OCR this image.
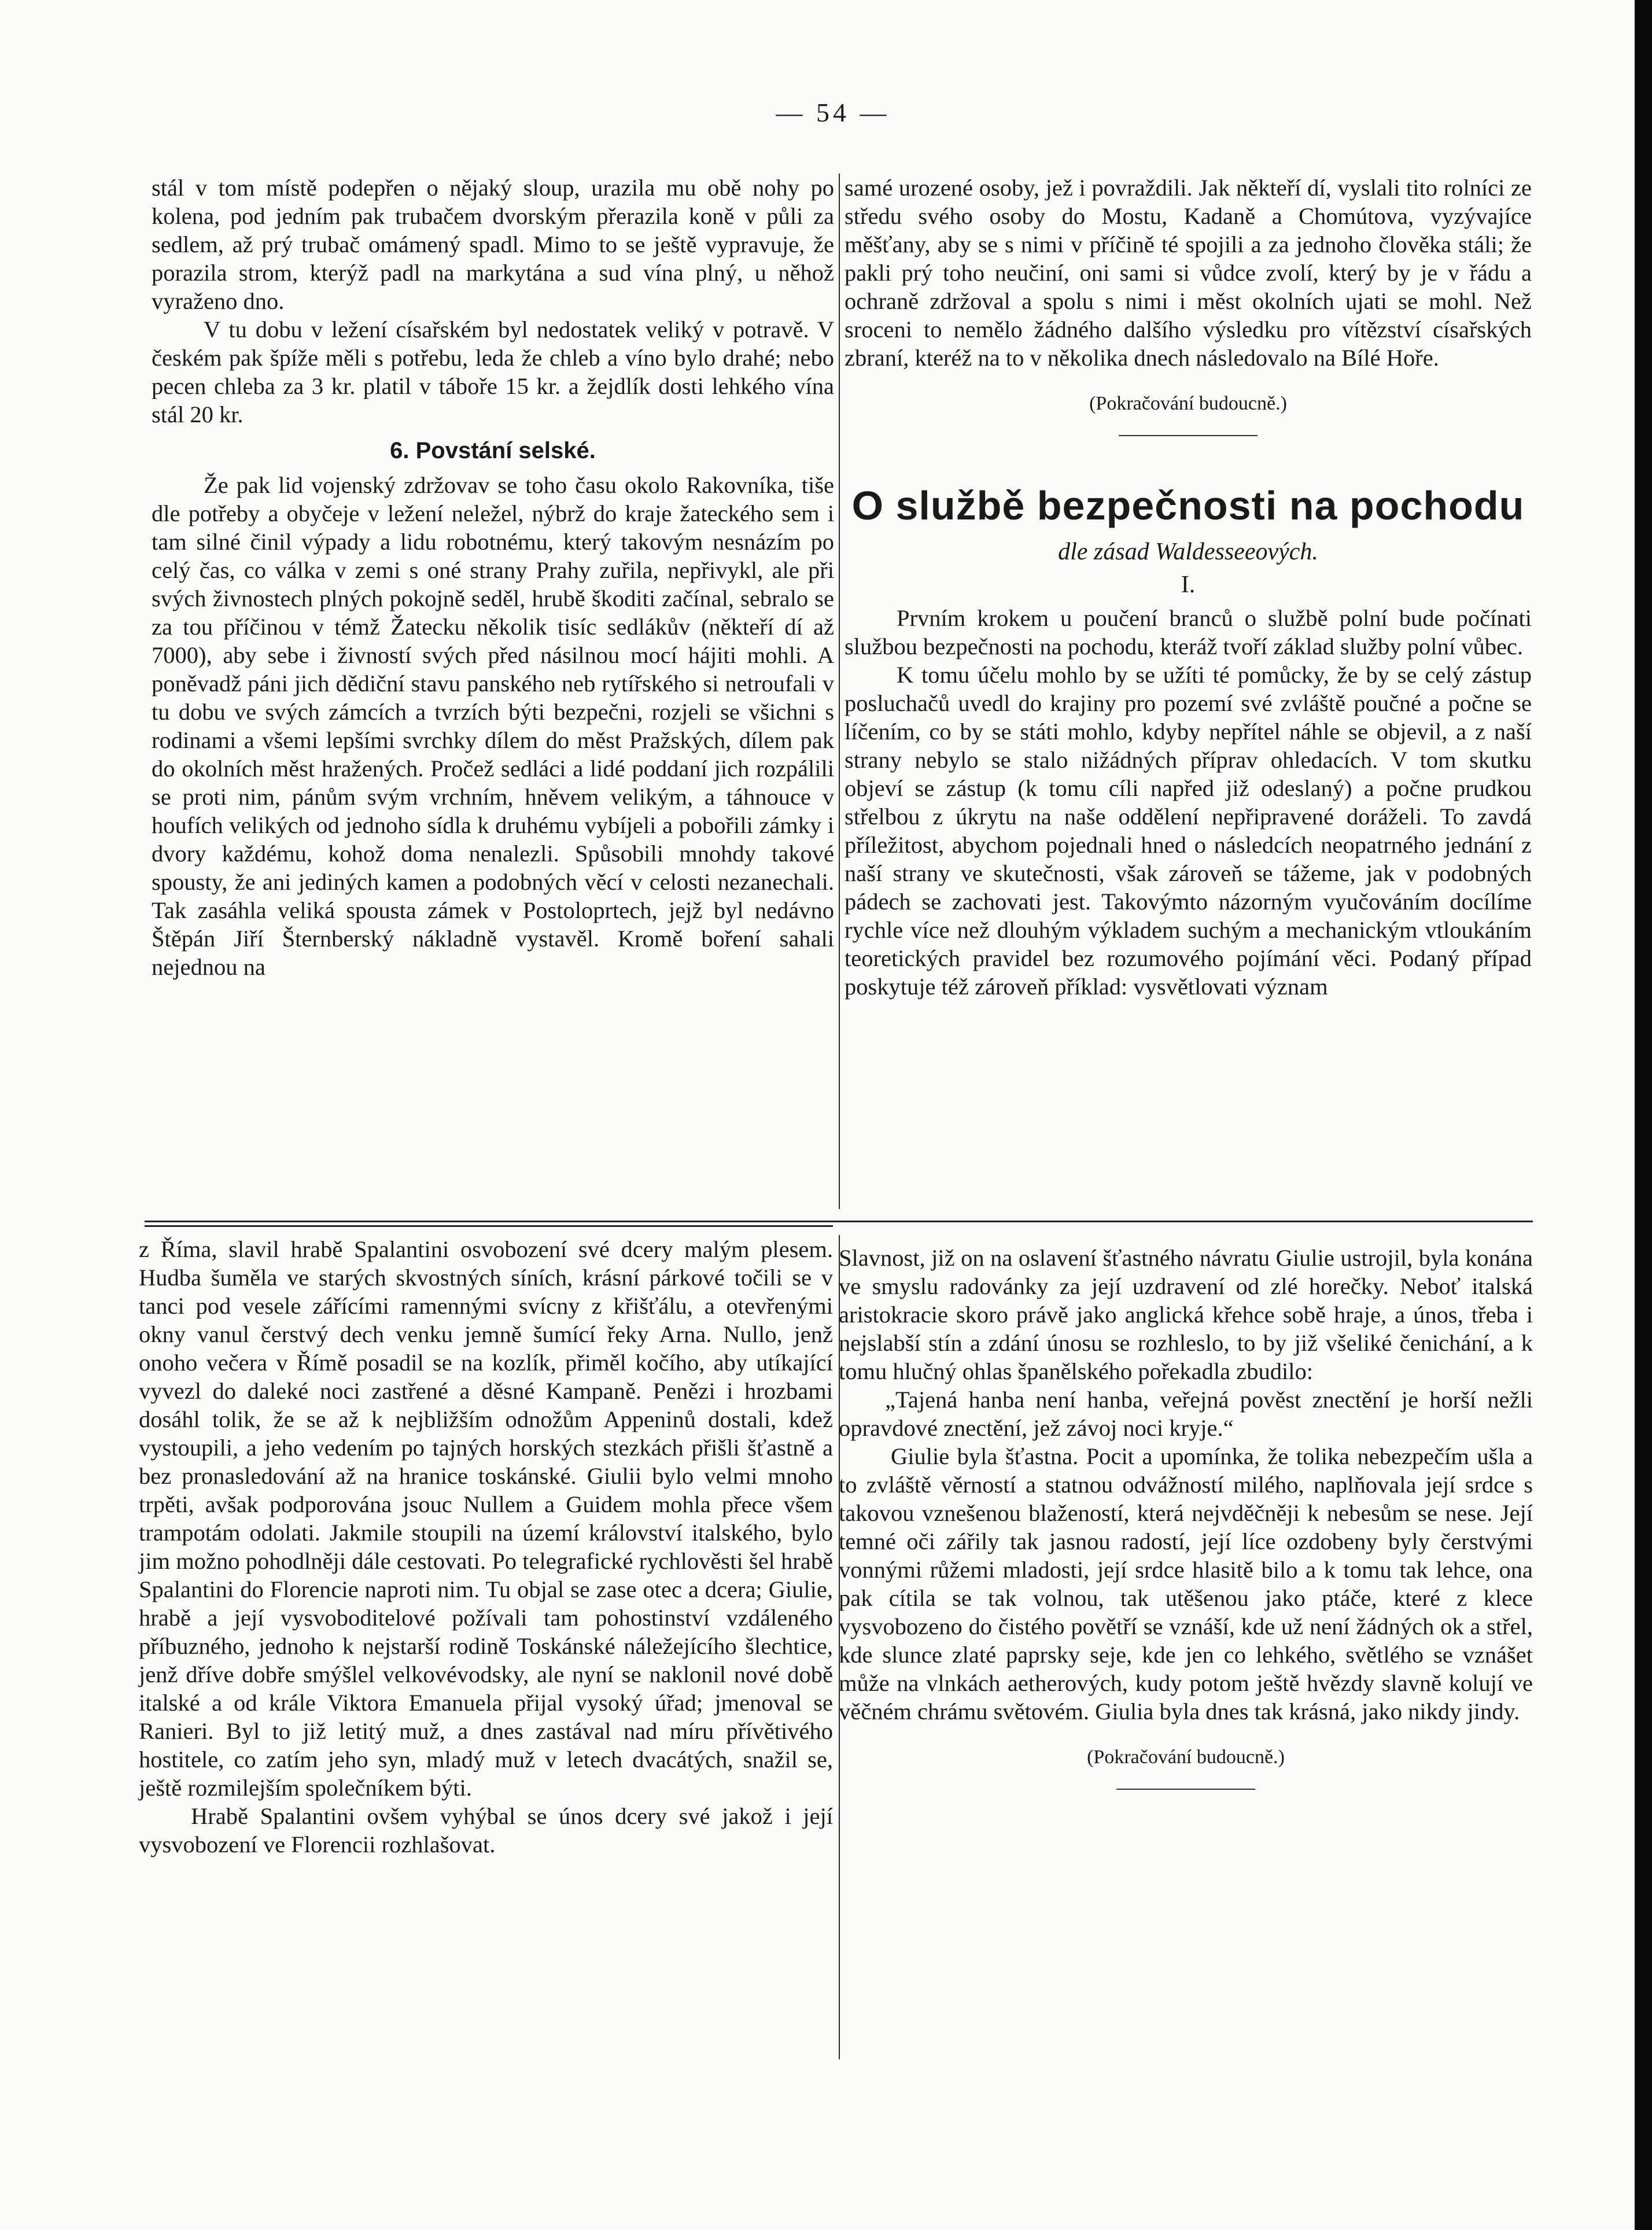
— 54 —

stál v tom místě podepřen o nějaký sloup, urazila mu obě nohy po kolena, pod jedním pak trubačem dvorským přerazila koně v půli za sedlem, až prý trubač omámený spadl. Mimo to se ještě vypravuje, že porazila strom, kterýž padl na markytána a sud vína plný, u něhož vyraženo dno.

V tu dobu v ležení císařském byl nedostatek veliký v potravě. V českém pak špíže měli s potřebu, leda že chleb a víno bylo drahé; nebo pecen chleba za 3 kr. platil v táboře 15 kr. a žejdlík dosti lehkého vína stál 20 kr.

6. Povstání selské.

Že pak lid vojenský zdržovav se toho času okolo Rakovníka, tiše dle potřeby a obyčeje v ležení neležel, nýbrž do kraje žateckého sem i tam silné činil výpady a lidu robotnému, který takovým nesnázím po celý čas, co válka v zemi s oné strany Prahy zuřila, nepřivykl, ale při svých živnostech plných pokojně seděl, hrubě škoditi začínal, sebralo se za tou příčinou v témž Žatecku několik tisíc sedlákův (někteří dí až 7000), aby sebe i živností svých před násilnou mocí hájiti mohli. A poněvadž páni jich dědiční stavu panského neb rytířského si netroufali v tu dobu ve svých zámcích a tvrzích býti bezpečni, rozjeli se všichni s rodinami a všemi lepšími svrchky dílem do měst Pražských, dílem pak do okolních měst hražených. Pročež sedláci a lidé poddaní jich rozpálili se proti nim, pánům svým vrchním, hněvem velikým, a táhnouce v houfích velikých od jednoho sídla k druhému vybíjeli a pobořili zámky i dvory každému, kohož doma nenalezli. Spůsobili mnohdy takové spousty, že ani jediných kamen a podobných věcí v celosti nezanechali. Tak zasáhla veliká spousta zámek v Postoloprtech, jejž byl nedávno Štěpán Jiří Šternberský nákladně vystavěl. Kromě boření sahali nejednou na

samé urozené osoby, jež i povraždili. Jak někteří dí, vyslali tito rolníci ze středu svého osoby do Mostu, Kadaně a Chomútova, vyzývajíce měšťany, aby se s nimi v příčině té spojili a za jednoho člověka stáli; že pakli prý toho neučiní, oni sami si vůdce zvolí, který by je v řádu a ochraně zdržoval a spolu s nimi i měst okolních ujati se mohl. Než sroceni to nemělo žádného dalšího výsledku pro vítězství císařských zbraní, kteréž na to v několika dnech následovalo na Bílé Hoře.

(Pokračování budoucně.)
O službě bezpečnosti na pochodu
dle zásad Waldesseeových.
I.

Prvním krokem u poučení branců o službě polní bude počínati službou bezpečnosti na pochodu, kteráž tvoří základ služby polní vůbec.

K tomu účelu mohlo by se užíti té pomůcky, že by se celý zástup posluchačů uvedl do krajiny pro pozemí své zvláště poučné a počne se líčením, co by se státi mohlo, kdyby nepřítel náhle se objevil, a z naší strany nebylo se stalo nižádných příprav ohledacích. V tom skutku objeví se zástup (k tomu cíli napřed již odeslaný) a počne prudkou střelbou z úkrytu na naše oddělení nepřipravené doráželi. To zavdá příležitost, abychom pojednali hned o následcích neopatrného jednání z naší strany ve skutečnosti, však zároveň se tážeme, jak v podobných pádech se zachovati jest. Takovýmto názorným vyučováním docílíme rychle více než dlouhým výkladem suchým a mechanickým vtloukáním teoretických pravidel bez rozumového pojímání věci. Podaný případ poskytuje též zároveň příklad: vysvětlovati význam

z Říma, slavil hrabě Spalantini osvobození své dcery malým plesem. Hudba šuměla ve starých skvostných síních, krásní párkové točili se v tanci pod vesele zářícími ramennými svícny z křišťálu, a otevřenými okny vanul čerstvý dech venku jemně šumící řeky Arna. Nullo, jenž onoho večera v Římě posadil se na kozlík, přiměl kočího, aby utíkající vyvezl do daleké noci zastřené a děsné Kampaně. Penězi i hrozbami dosáhl tolik, že se až k nejbližším odnožům Appeninů dostali, kdež vystoupili, a jeho vedením po tajných horských stezkách přišli šťastně a bez pronasledování až na hranice toskánské. Giulii bylo velmi mnoho trpěti, avšak podporována jsouc Nullem a Guidem mohla přece všem trampotám odolati. Jakmile stoupili na území království italského, bylo jim možno pohodlněji dále cestovati. Po telegrafické rychlověsti šel hrabě Spalantini do Florencie naproti nim. Tu objal se zase otec a dcera; Giulie, hrabě a její vysvoboditelové požívali tam pohostinství vzdáleného příbuzného, jednoho k nejstarší rodině Toskánské náležejícího šlechtice, jenž dříve dobře smýšlel velkovévodsky, ale nyní se naklonil nové době italské a od krále Viktora Emanuela přijal vysoký úřad; jmenoval se Ranieri. Byl to již letitý muž, a dnes zastával nad míru přívětivého hostitele, co zatím jeho syn, mladý muž v letech dvacátých, snažil se, ještě rozmilejším společníkem býti.

Hrabě Spalantini ovšem vyhýbal se únos dcery své jakož i její vysvobození ve Florencii rozhlašovat.

Slavnost, již on na oslavení šťastného návratu Giulie ustrojil, byla konána ve smyslu radovánky za její uzdravení od zlé horečky. Neboť italská aristokracie skoro právě jako anglická křehce sobě hraje, a únos, třeba i nejslabší stín a zdání únosu se rozhleslo, to by již všeliké čenichání, a k tomu hlučný ohlas španělského pořekadla zbudilo:

„Tajená hanba není hanba, veřejná pověst znectění je horší nežli opravdové znectění, jež závoj noci kryje.“

Giulie byla šťastna. Pocit a upomínka, že tolika nebezpečím ušla a to zvláště věrností a statnou odvážností milého, naplňovala její srdce s takovou vznešenou blažeností, která nejvděčněji k nebesům se nese. Její temné oči zářily tak jasnou radostí, její líce ozdobeny byly čerstvými vonnými růžemi mladosti, její srdce hlasitě bilo a k tomu tak lehce, ona pak cítila se tak volnou, tak utěšenou jako ptáče, které z klece vysvobozeno do čistého povětří se vznáší, kde už není žádných ok a střel, kde slunce zlaté paprsky seje, kde jen co lehkého, světlého se vznášet může na vlnkách aetherových, kudy potom ještě hvězdy slavně kolují ve věčném chrámu světovém. Giulia byla dnes tak krásná, jako nikdy jindy.

(Pokračování budoucně.)
